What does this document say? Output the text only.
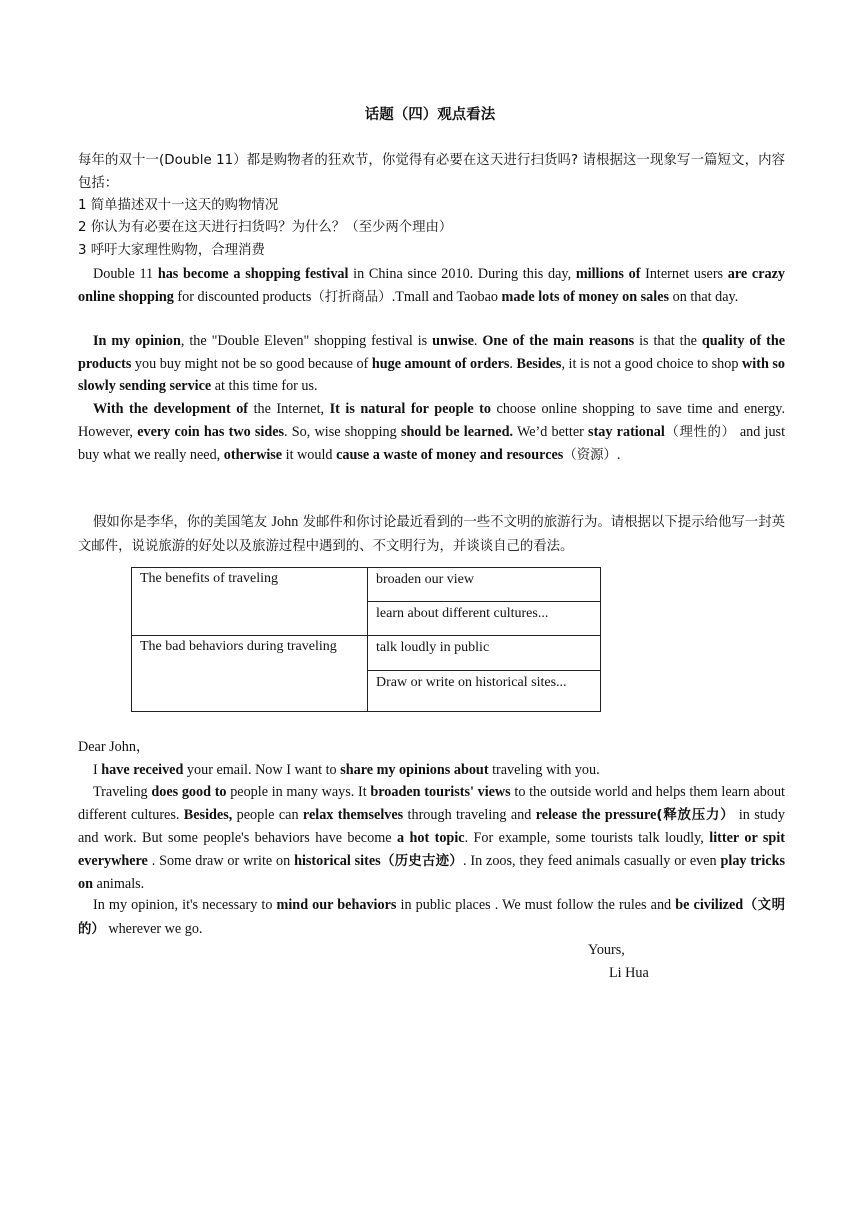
话题（四）观点看法

每年的双十一(Double 11）都是购物者的狂欢节，你觉得有必要在这天进行扫货吗? 请根据这一现象写一篇短文，内容包括：

1 简单描述双十一这天的购物情况

2 你认为有必要在这天进行扫货吗？为什么？（至少两个理由）

3 呼吁大家理性购物，合理消费

Double 11 has become a shopping festival in China since 2010. During this day, millions of Internet users are crazy online shopping for discounted products（打折商品）.Tmall and Taobao made lots of money on sales on that day.

In my opinion, the "Double Eleven" shopping festival is unwise. One of the main reasons is that the quality of the products you buy might not be so good because of huge amount of orders. Besides, it is not a good choice to shop with so slowly sending service at this time for us.

With the development of the Internet, It is natural for people to choose online shopping to save time and energy. However, every coin has two sides. So, wise shopping should be learned. We’d better stay rational（理性的） and just buy what we really need, otherwise it would cause a waste of money and resources（资源）.

假如你是李华，你的美国笔友 John 发邮件和你讨论最近看到的一些不文明的旅游行为。请根据以下提示给他写一封英文邮件，说说旅游的好处以及旅游过程中遇到的、不文明行为，并谈谈自己的看法。

The benefits of traveling	broaden our view
	learn about different cultures...
The bad behaviors during traveling	talk loudly in public
	Draw or write on historical sites...

Dear John，

I have received your email. Now I want to share my opinions about traveling with you.

Traveling does good to people in many ways. It broaden tourists' views to the outside world and helps them learn about different cultures. Besides, people can relax themselves through traveling and release the pressure(释放压力） in study and work. But some people's behaviors have become a hot topic. For example, some tourists talk loudly, litter or spit everywhere . Some draw or write on historical sites（历史古迹）. In zoos, they feed animals casually or even play tricks on animals.

In my opinion, it's necessary to mind our behaviors in public places . We must follow the rules and be civilized（文明的） wherever we go.

Yours,
Li Hua
